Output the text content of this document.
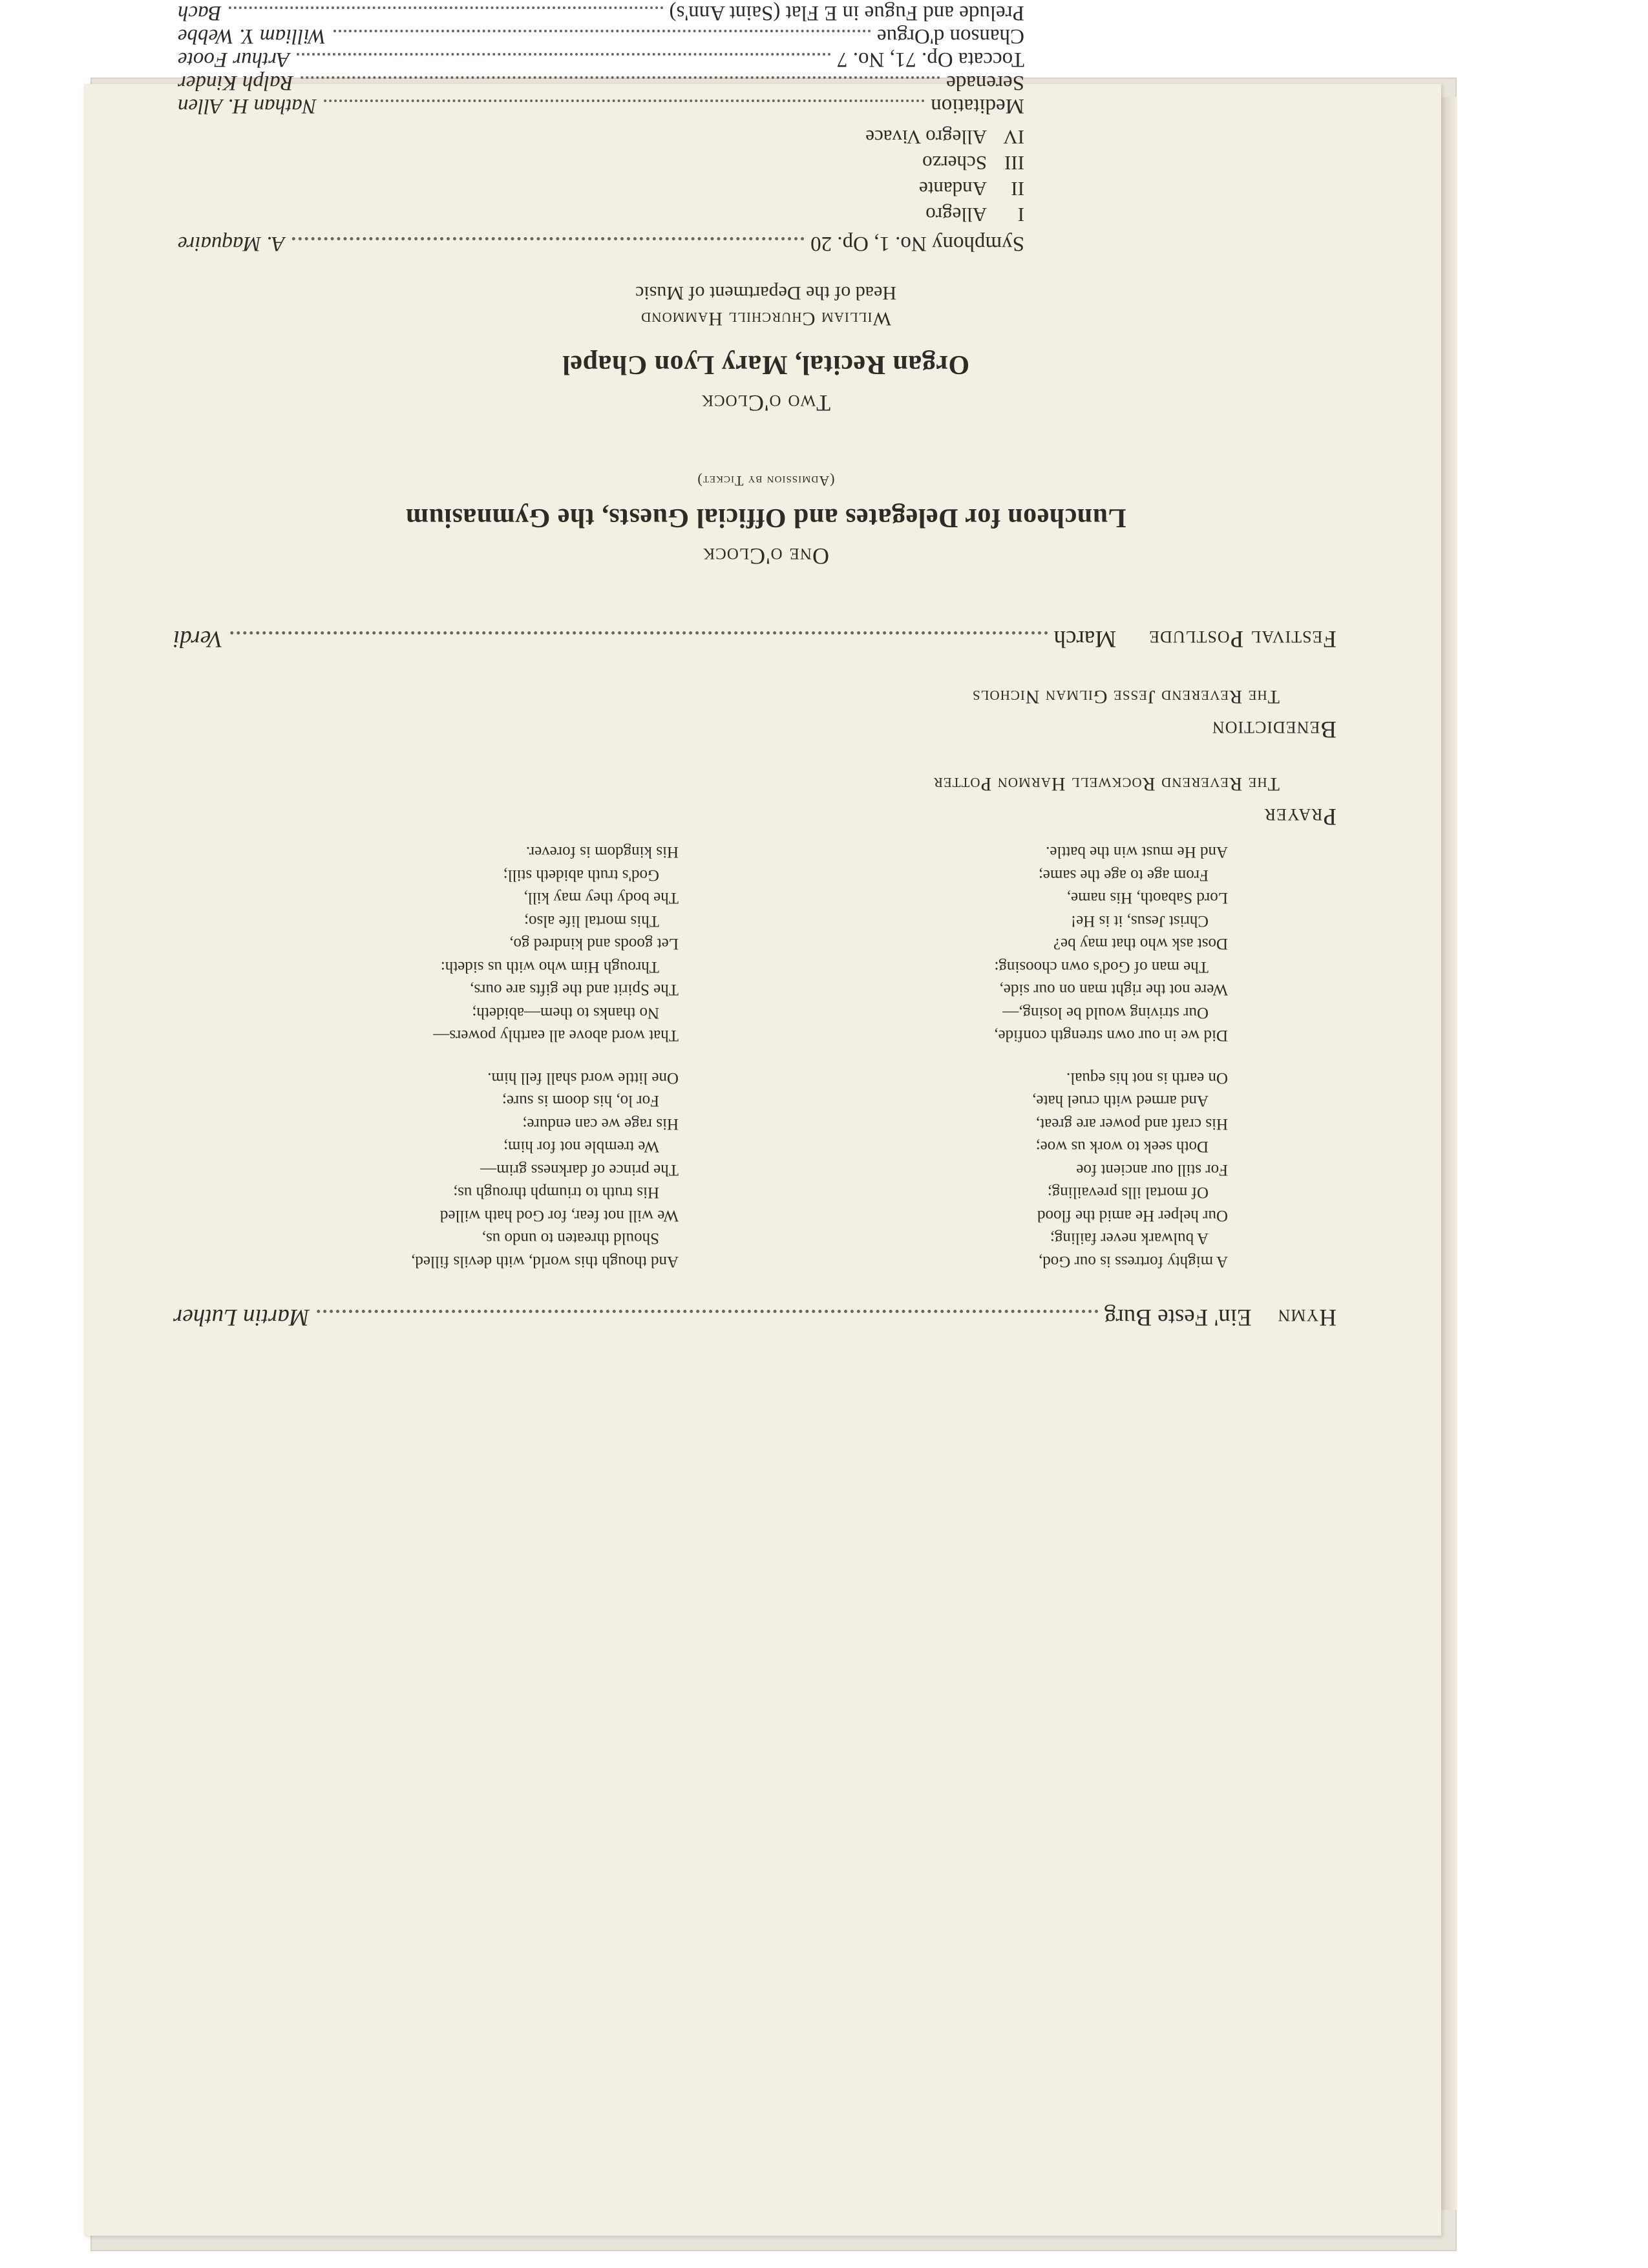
Hymn
Ein' Feste Burg
Martin Luther
A mighty fortress is our God,
A bulwark never failing;
Our helper He amid the flood
Of mortal ills prevailing;
For still our ancient foe
Doth seek to work us woe;
His craft and power are great,
And armed with cruel hate,
On earth is not his equal.
Did we in our own strength confide,
Our striving would be losing,—
Were not the right man on our side,
The man of God's own choosing:
Dost ask who that may be?
Christ Jesus, it is He!
Lord Sabaoth, His name,
From age to age the same;
And He must win the battle.
And though this world, with devils filled,
Should threaten to undo us,
We will not fear, for God hath willed
His truth to triumph through us;
The prince of darkness grim—
We tremble not for him;
His rage we can endure;
For lo, his doom is sure;
One little word shall fell him.
That word above all earthly powers—
No thanks to them—abideth;
The Spirit and the gifts are ours,
Through Him who with us sideth:
Let goods and kindred go,
This mortal life also;
The body they may kill,
God's truth abideth still;
His kingdom is forever.
Prayer
The Reverend Rockwell Harmon Potter
Benediction
The Reverend Jesse Gilman Nichols
Festival Postlude
March
Verdi
One o'Clock
Luncheon for Delegates and Official Guests, the Gymnasium
(Admission by Ticket)
Two o'Clock
Organ Recital, Mary Lyon Chapel
William Churchill Hammond
Head of the Department of Music
Symphony No. 1, Op. 20
A. Maquaire
IAllegro
IIAndante
IIIScherzo
IVAllegro Vivace
Meditation
Nathan H. Allen
Serenade
Ralph Kinder
Toccata Op. 71, No. 7
Arthur Foote
Chanson d'Orgue
William Y. Webbe
Prelude and Fugue in E Flat (Saint Ann's)
Bach
